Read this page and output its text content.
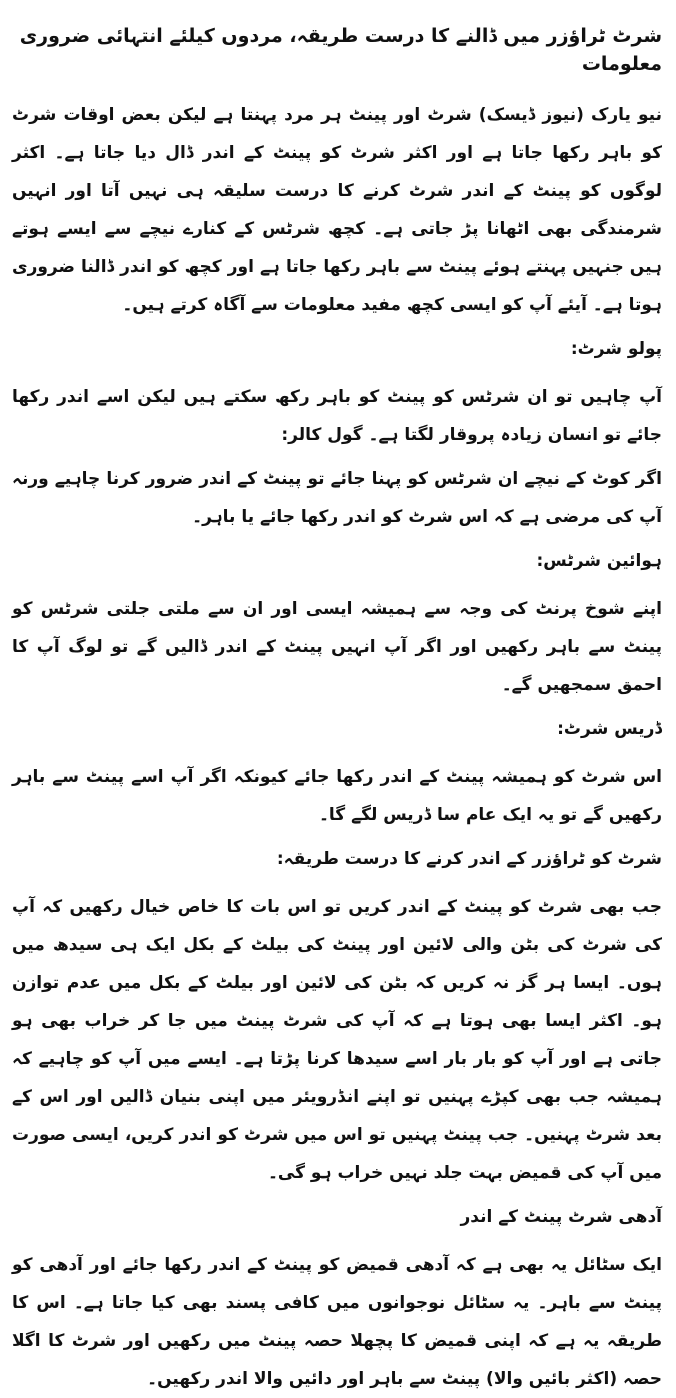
شرٹ ٹراؤزر میں ڈالنے کا درست طریقہ، مردوں کیلئے انتہائی ضروری معلومات

نیو یارک (نیوز ڈیسک) شرٹ اور پینٹ ہر مرد پہنتا ہے لیکن بعض اوقات شرٹ کو باہر رکھا جاتا ہے اور اکثر شرٹ کو پینٹ کے اندر ڈال دیا جاتا ہے۔ اکثر لوگوں کو پینٹ کے اندر شرٹ کرنے کا درست سلیقہ ہی نہیں آتا اور انہیں شرمندگی بھی اٹھانا پڑ جاتی ہے۔ کچھ شرٹس کے کنارے نیچے سے ایسے ہوتے ہیں جنہیں پہنتے ہوئے پینٹ سے باہر رکھا جاتا ہے اور کچھ کو اندر ڈالنا ضروری ہوتا ہے۔ آیئے آپ کو ایسی کچھ مفید معلومات سے آگاہ کرتے ہیں۔

پولو شرٹ:

آپ چاہیں تو ان شرٹس کو پینٹ کو باہر رکھ سکتے ہیں لیکن اسے اندر رکھا جائے تو انسان زیادہ پروقار لگتا ہے۔ گول کالر:

اگر کوٹ کے نیچے ان شرٹس کو پہنا جائے تو پینٹ کے اندر ضرور کرنا چاہیے ورنہ آپ کی مرضی ہے کہ اس شرٹ کو اندر رکھا جائے یا باہر۔

ہوائین شرٹس:

اپنے شوخ پرنٹ کی وجہ سے ہمیشہ ایسی اور ان سے ملتی جلتی شرٹس کو پینٹ سے باہر رکھیں اور اگر آپ انہیں پینٹ کے اندر ڈالیں گے تو لوگ آپ کا احمق سمجھیں گے۔

ڈریس شرٹ:

اس شرٹ کو ہمیشہ پینٹ کے اندر رکھا جائے کیونکہ اگر آپ اسے پینٹ سے باہر رکھیں گے تو یہ ایک عام سا ڈریس لگے گا۔

شرٹ کو ٹراؤزر کے اندر کرنے کا درست طریقہ:

جب بھی شرٹ کو پینٹ کے اندر کریں تو اس بات کا خاص خیال رکھیں کہ آپ کی شرٹ کی بٹن والی لائین اور پینٹ کی بیلٹ کے بکل ایک ہی سیدھ میں ہوں۔ ایسا ہر گز نہ کریں کہ بٹن کی لائین اور بیلٹ کے بکل میں عدم توازن ہو۔ اکثر ایسا بھی ہوتا ہے کہ آپ کی شرٹ پینٹ میں جا کر خراب بھی ہو جاتی ہے اور آپ کو بار بار اسے سیدھا کرنا پڑتا ہے۔ ایسے میں آپ کو چاہیے کہ ہمیشہ جب بھی کپڑے پہنیں تو اپنے انڈرویئر میں اپنی بنیان ڈالیں اور اس کے بعد شرٹ پہنیں۔ جب پینٹ پہنیں تو اس میں شرٹ کو اندر کریں، ایسی صورت میں آپ کی قمیض بہت جلد نہیں خراب ہو گی۔

آدھی شرٹ پینٹ کے اندر

ایک سٹائل یہ بھی ہے کہ آدھی قمیض کو پینٹ کے اندر رکھا جائے اور آدھی کو پینٹ سے باہر۔ یہ سٹائل نوجوانوں میں کافی پسند بھی کیا جاتا ہے۔ اس کا طریقہ یہ ہے کہ اپنی قمیض کا پچھلا حصہ پینٹ میں رکھیں اور شرٹ کا اگلا حصہ (اکثر بائیں والا) پینٹ سے باہر اور دائیں والا اندر رکھیں۔
